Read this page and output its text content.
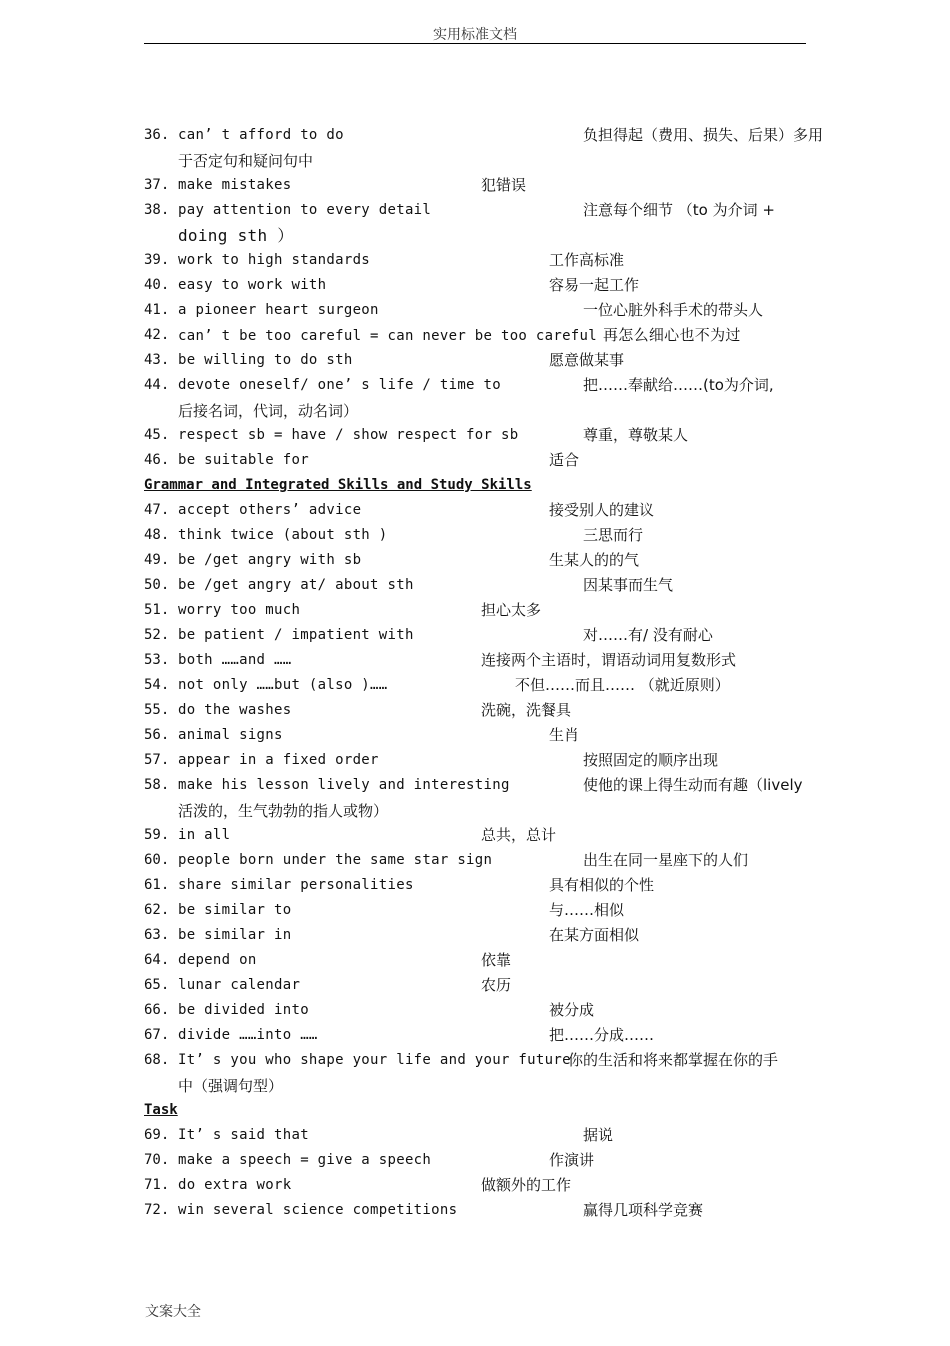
实用标准文档
36. can’ t afford to do	负担得起（费用、损失、后果）多用
于否定句和疑问句中
37. make mistakes	犯错误
38. pay attention to every detail	注意每个细节 （to 为介词 +
doing sth ）
39. work to high standards	工作高标准
40. easy to work with	容易一起工作
41. a pioneer heart surgeon	一位心脏外科手术的带头人
42. can’ t be too careful = can never be too careful 再怎么细心也不为过
43. be willing to do sth	愿意做某事
44. devote oneself/ one’ s life / time to	把……奉献给……(to为介词,
后接名词，代词，动名词）
45. respect sb = have / show respect for sb	尊重，尊敬某人
46. be suitable for	适合
Grammar and Integrated Skills and Study Skills
47. accept others’ advice	接受别人的建议
48. think twice (about sth )	三思而行
49. be /get angry with sb	生某人的的气
50. be /get angry at/ about sth	因某事而生气
51. worry too much	担心太多
52. be patient / impatient with	对……有/ 没有耐心
53. both ……and ……	连接两个主语时，谓语动词用复数形式
54. not only ……but (also )……	不但……而且…… （就近原则）
55. do the washes	洗碗，洗餐具
56. animal signs	生肖
57. appear in a fixed order	按照固定的顺序出现
58. make his lesson lively and interesting	使他的课上得生动而有趣（lively
活泼的，生气勃勃的指人或物）
59. in all	总共，总计
60. people born under the same star sign	出生在同一星座下的人们
61. share similar personalities	具有相似的个性
62. be similar to	与……相似
63. be similar in	在某方面相似
64. depend on	依靠
65. lunar calendar	农历
66. be divided into	被分成
67. divide ……into ……	把……分成……
68. It’ s you who shape your life and your future
你的生活和将来都掌握在你的手
中（强调句型）
Task
69. It’ s said that	据说
70. make a speech = give a speech	作演讲
71. do extra work	做额外的工作
72. win several science competitions	赢得几项科学竞赛
文案大全
